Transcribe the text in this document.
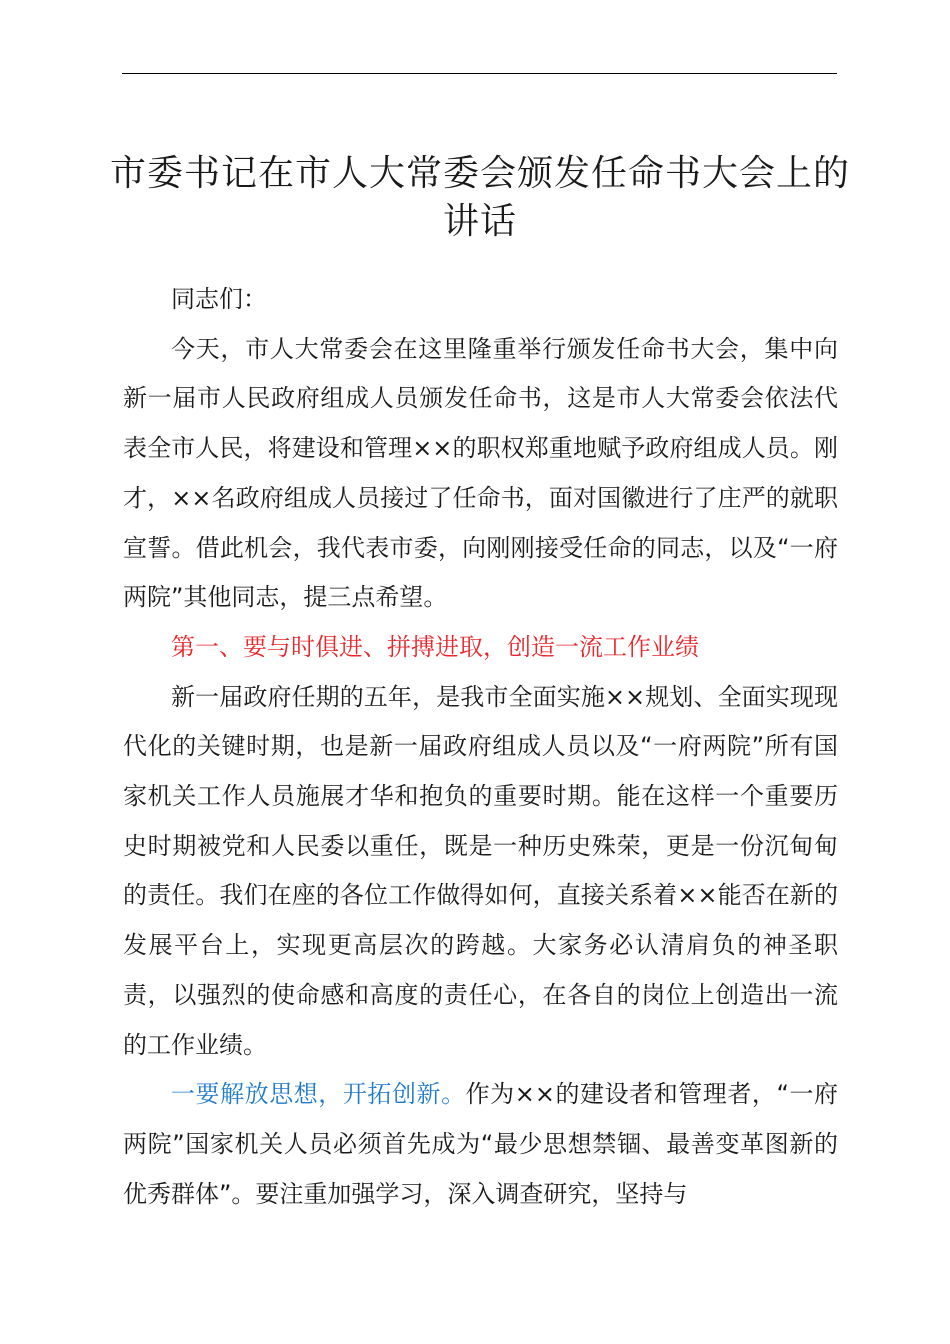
市委书记在市人大常委会颁发任命书大会上的讲话

同志们：

今天，市人大常委会在这里隆重举行颁发任命书大会，集中向新一届市人民政府组成人员颁发任命书，这是市人大常委会依法代表全市人民，将建设和管理××的职权郑重地赋予政府组成人员。刚才，××名政府组成人员接过了任命书，面对国徽进行了庄严的就职宣誓。借此机会，我代表市委，向刚刚接受任命的同志，以及“一府两院”其他同志，提三点希望。

第一、要与时俱进、拼搏进取，创造一流工作业绩

新一届政府任期的五年，是我市全面实施××规划、全面实现现代化的关键时期，也是新一届政府组成人员以及“一府两院”所有国家机关工作人员施展才华和抱负的重要时期。能在这样一个重要历史时期被党和人民委以重任，既是一种历史殊荣，更是一份沉甸甸的责任。我们在座的各位工作做得如何，直接关系着××能否在新的发展平台上，实现更高层次的跨越。大家务必认清肩负的神圣职责，以强烈的使命感和高度的责任心，在各自的岗位上创造出一流的工作业绩。

一要解放思想，开拓创新。作为××的建设者和管理者，“一府两院”国家机关人员必须首先成为“最少思想禁锢、最善变革图新的优秀群体”。要注重加强学习，深入调查研究，坚持与
